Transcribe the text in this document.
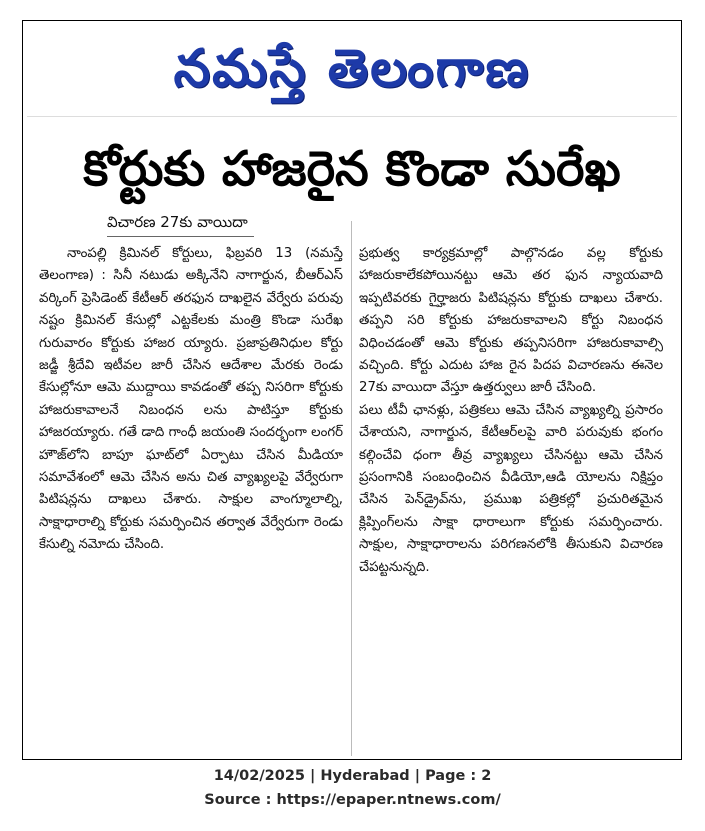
నమస్తే తెలంగాణ
కోర్టుకు హాజరైన కొండా సురేఖ
విచారణ 27కు వాయిదా

నాంపల్లి క్రిమినల్ కోర్టులు, ఫిబ్రవరి 13 (నమస్తే తెలంగాణ) : సినీ నటుడు అక్కినేని నాగార్జున, బీఆర్ఎస్ వర్కింగ్ ప్రెసిడెంట్ కేటీఆర్ తరఫున దాఖలైన వేర్వేరు పరువు నష్టం క్రిమినల్ కేసుల్లో ఎట్టకేలకు మంత్రి కొండా సురేఖ గురువారం కోర్టుకు హాజర య్యారు. ప్రజాప్రతినిధుల కోర్టు జడ్జీ శ్రీదేవి ఇటీవల జారీ చేసిన ఆదేశాల మేరకు రెండు కేసుల్లోనూ ఆమె ముద్దాయి కావడంతో తప్ప నిసరిగా కోర్టుకు హాజరుకావాలనే నిబంధన లను పాటిస్తూ కోర్టుకు హాజరయ్యారు. గతే డాది గాంధీ జయంతి సందర్భంగా లంగర్ హౌజ్‌లోని బాపూ ఘాట్‌లో ఏర్పాటు చేసిన మీడియా సమావేశంలో ఆమె చేసిన అను చిత వ్యాఖ్యలపై వేర్వేరుగా పిటిషన్లను దాఖలు చేశారు. సాక్షుల వాంగ్మూలాల్ని, సాక్షాధారాల్ని కోర్టుకు సమర్పించిన తర్వాత వేర్వేరుగా రెండు కేసుల్ని నమోదు చేసింది.

ప్రభుత్వ కార్యక్రమాల్లో పాల్గొనడం వల్ల కోర్టుకు హాజరుకాలేకపోయినట్టు ఆమె తర ఫున న్యాయవాది ఇప్పటివరకు గైర్హాజరు పిటిషన్లను కోర్టుకు దాఖలు చేశారు. తప్పని సరి కోర్టుకు హాజరుకావాలని కోర్టు నిబంధన విధించడంతో ఆమె కోర్టుకు తప్పనిసరిగా హాజరుకావాల్సి వచ్చింది. కోర్టు ఎదుట హాజ రైన పిదప విచారణను ఈనెల 27కు వాయిదా వేస్తూ ఉత్తర్వులు జారీ చేసింది.

పలు టీవీ ఛానళ్లు, పత్రికలు ఆమె చేసిన వ్యాఖ్యల్ని ప్రసారం చేశాయని, నాగార్జున, కేటీఆర్‌లపై వారి పరువుకు భంగం కల్గించేవి ధంగా తీవ్ర వ్యాఖ్యలు చేసినట్టు ఆమె చేసిన ప్రసంగానికి సంబంధించిన వీడియో,ఆడి యోలను నిక్షిప్తం చేసిన పెన్‌డ్రైవ్‌ను, ప్రముఖ పత్రికల్లో ప్రచురితమైన క్లిప్పింగ్‌లను సాక్షా ధారాలుగా కోర్టుకు సమర్పించారు. సాక్షుల, సాక్షాధారాలను పరిగణనలోకి తీసుకుని విచారణ చేపట్టనున్నది.

14/02/2025 | Hyderabad | Page : 2
Source : https://epaper.ntnews.com/
